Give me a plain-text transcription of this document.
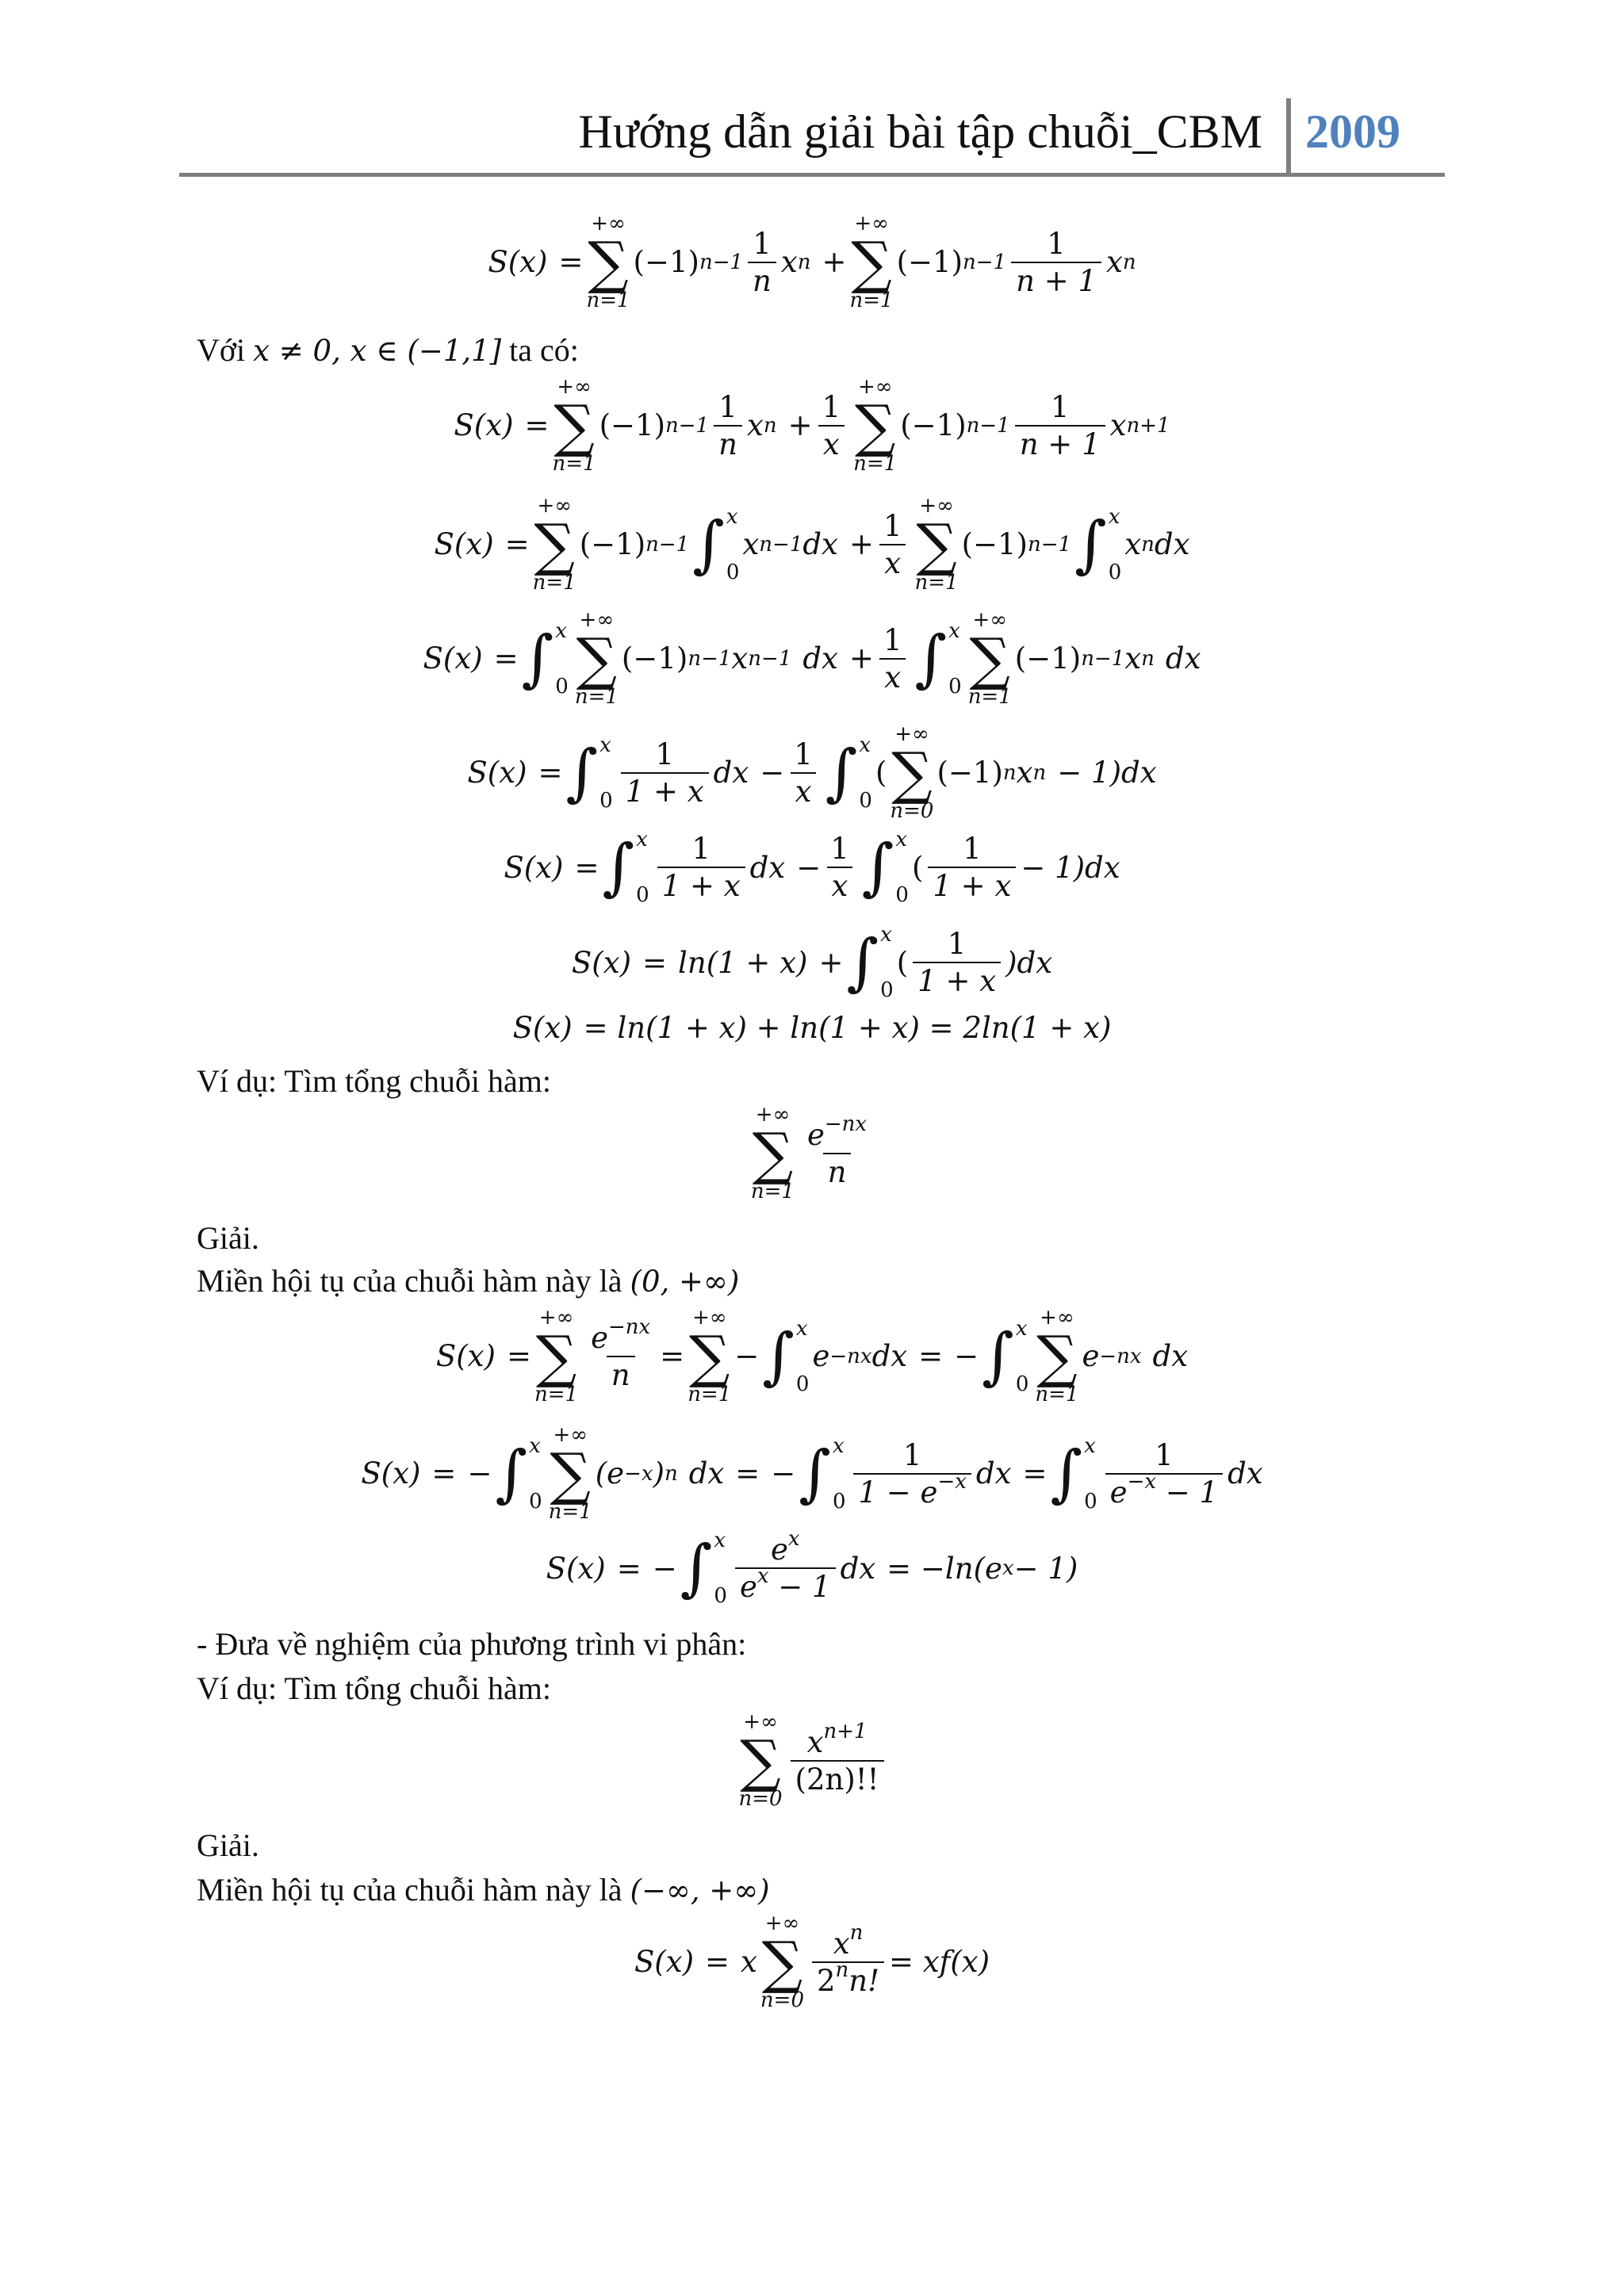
Hướng dẫn giải bài tập chuỗi_CBM 2009
S(x) =
+∞
∑
n=1
(−1) $n-1 \frac{1}{n}$ x n +
+∞
∑
n=1
(−1) $n-1 \frac{1}{n + 1}$ x n
Với x ≠ 0, x ∈ (−1,1] ta có:
S(x) =
+∞
∑
n=1
(−1) $n-1 \frac{1}{n}$ x $n + \frac{1}{x}$
+∞
∑
n=1
(−1) $n-1 \frac{1}{n + 1}$ x n+1
S(x) =
+∞
∑
n=1
(−1) n−1 ∫ x
0
x n−1 dx + $\frac{1}{x}$
+∞
∑
n=1
(−1) n−1 ∫ x
0
x n dx
S(x) = ∫ x
0
+∞
∑
n=1
(−1) n−1 x n−1 dx + $\frac{1}{x}$ ∫ x
0
+∞
∑
n=1
(−1) n−1 x n dx
S(x) = ∫ x
$0 \frac{1}{1 + x}$ dx − $\frac{1}{x}$ ∫ x
0
(
+∞
∑
n=0
(−1) n x n − 1)dx
S(x) = ∫ x
$0 \frac{1}{1 + x}$ dx − $\frac{1}{x}$ ∫ x
0
( $\frac{1}{1 + x} - 1)dx$
S(x) = ln(1 + x) + ∫ x
0
( $\frac{1}{1 + x} )dx$
S(x) = ln(1 + x) + ln(1 + x) = 2ln(1 + x)
Ví dụ: Tìm tổng chuỗi hàm:
+∞
∑
n=1
$\frac{e^{-nx}}{n}$
Giải.
Miền hội tụ của chuỗi hàm này là (0, +∞)
S(x) =
+∞
∑
n=1
$\frac{e^{-nx}}{n}$ =
+∞
∑
n=1
− ∫ x
0
e −nx dx = − ∫ x
0
+∞
∑
n=1
e −nx dx
S(x) = − ∫ x
0
+∞
∑
n=1
(e −x ) n dx = − ∫ x
$0 \frac{1}{1 - e^{-x}}$ dx = ∫ x
$0 \frac{1}{e^{-x} - 1}$ dx
S(x) = − ∫ x
$0 \frac{e^x}{e^x - 1}$ dx = −ln(e x − 1)
- Đưa về nghiệm của phương trình vi phân:
Ví dụ: Tìm tổng chuỗi hàm:
+∞
∑
n=0
$\frac{x^{n+1}}{(2n)!!}$
Giải.
Miền hội tụ của chuỗi hàm này là (−∞, +∞)
S(x) = x
+∞
∑
n=0
$\frac{x^n}{2^nn!} = xf(x)$
